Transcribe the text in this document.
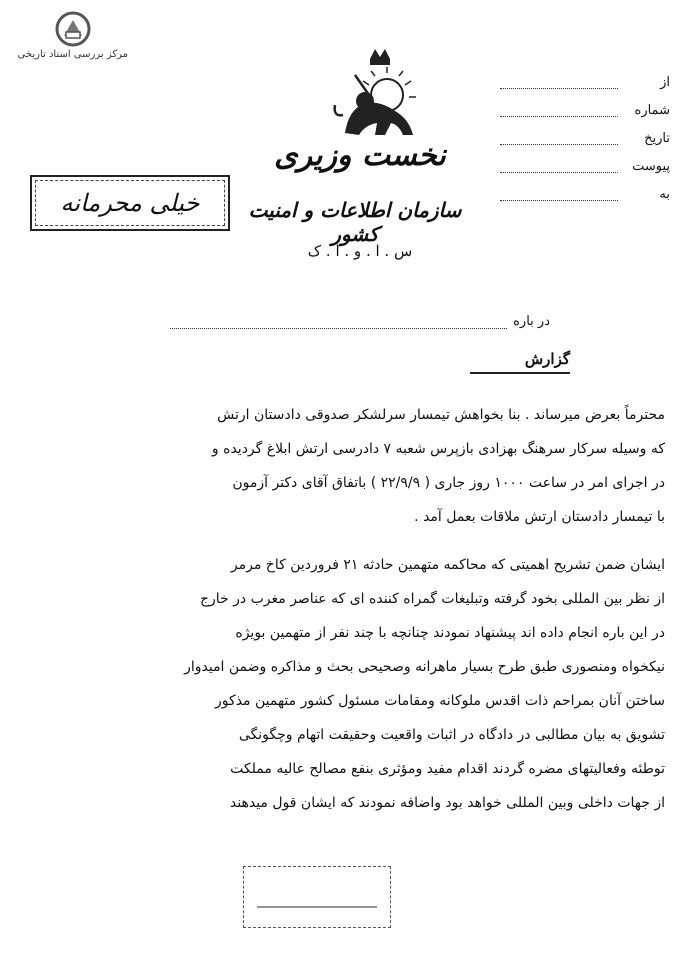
مرکز بررسی اسناد تاریخی
از
شماره
تاریخ
پیوست
به
نخست وزیری
سازمان اطلاعات و امنیت کشور
س . ا . و . ا . ک
خیلی محرمانه
در باره
گزارش
محترماً بعرض میرساند . بنا بخواهش تیمسار سرلشکر صدوقی دادستان ارتش
که وسیله سرکار سرهنگ بهزادی بازپرس شعبه ۷ دادرسی ارتش ابلاغ گردیده و
در اجرای امر در ساعت ۱۰۰۰ روز جاری ( ۲۲/۹/۹ ) باتفاق آقای دکتر آزمون
با تیمسار دادستان ارتش ملاقات بعمل آمد .
ایشان ضمن تشریح اهمیتی که محاکمه متهمین حادثه ۲۱ فروردین کاخ مرمر
از نظر بین المللی بخود گرفته وتبلیغات گمراه کننده ای که عناصر مغرب در خارج
در این باره انجام داده اند پیشنهاد نمودند چنانچه با چند نفر از متهمین بویژه
نیکخواه ومنصوری طبق طرح بسیار ماهرانه وصحیحی بحث و مذاکره وضمن امیدوار
ساختن آنان بمراحم ذات اقدس ملوکانه ومقامات مسئول کشور متهمین مذکور
تشویق به بیان مطالبی در دادگاه در اثبات واقعیت وحقیقت اتهام وچگونگی
توطئه وفعالیتهای مضره گردند اقدام مفید ومؤثری بنفع مصالح عالیه مملکت
از جهات داخلی وبین المللی خواهد بود واضافه نمودند که ایشان قول میدهند
